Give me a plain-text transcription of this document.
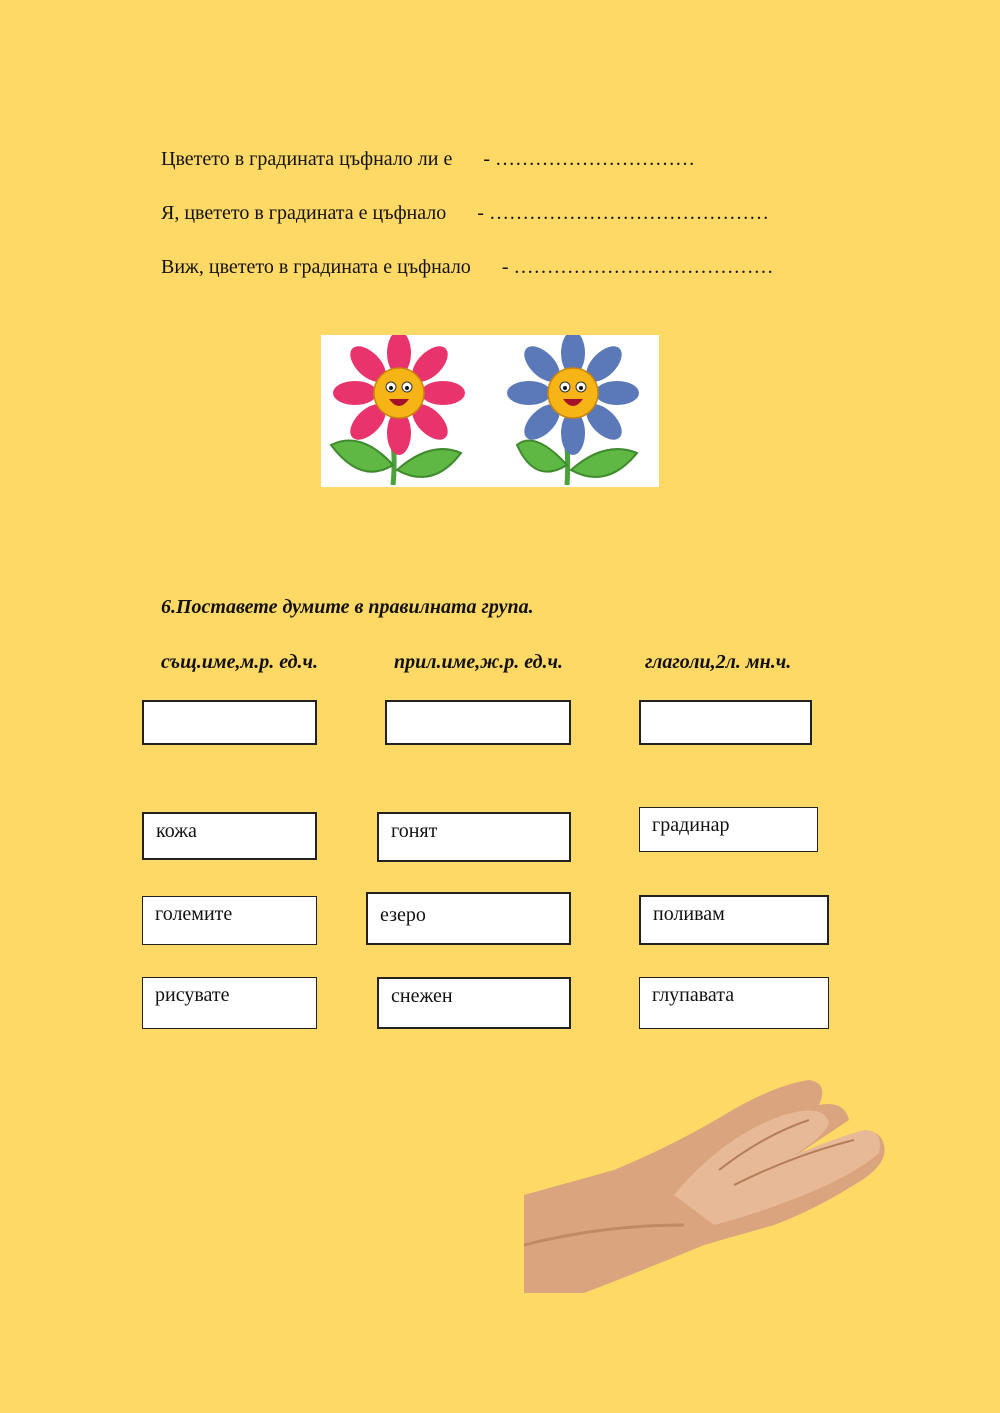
Цветето в градината цъфнало ли е - …………………………
Я, цветето в градината е цъфнало - ……………………………………
Виж, цветето в градината е цъфнало - …………………………………
6.Поставете думите в правилната група.
същ.име,м.р. ед.ч.	прил.име,ж.р. ед.ч.	глаголи,2л. мн.ч.
кожа	гонят	градинар
големите	езеро	поливам
рисувате	снежен	глупавата
